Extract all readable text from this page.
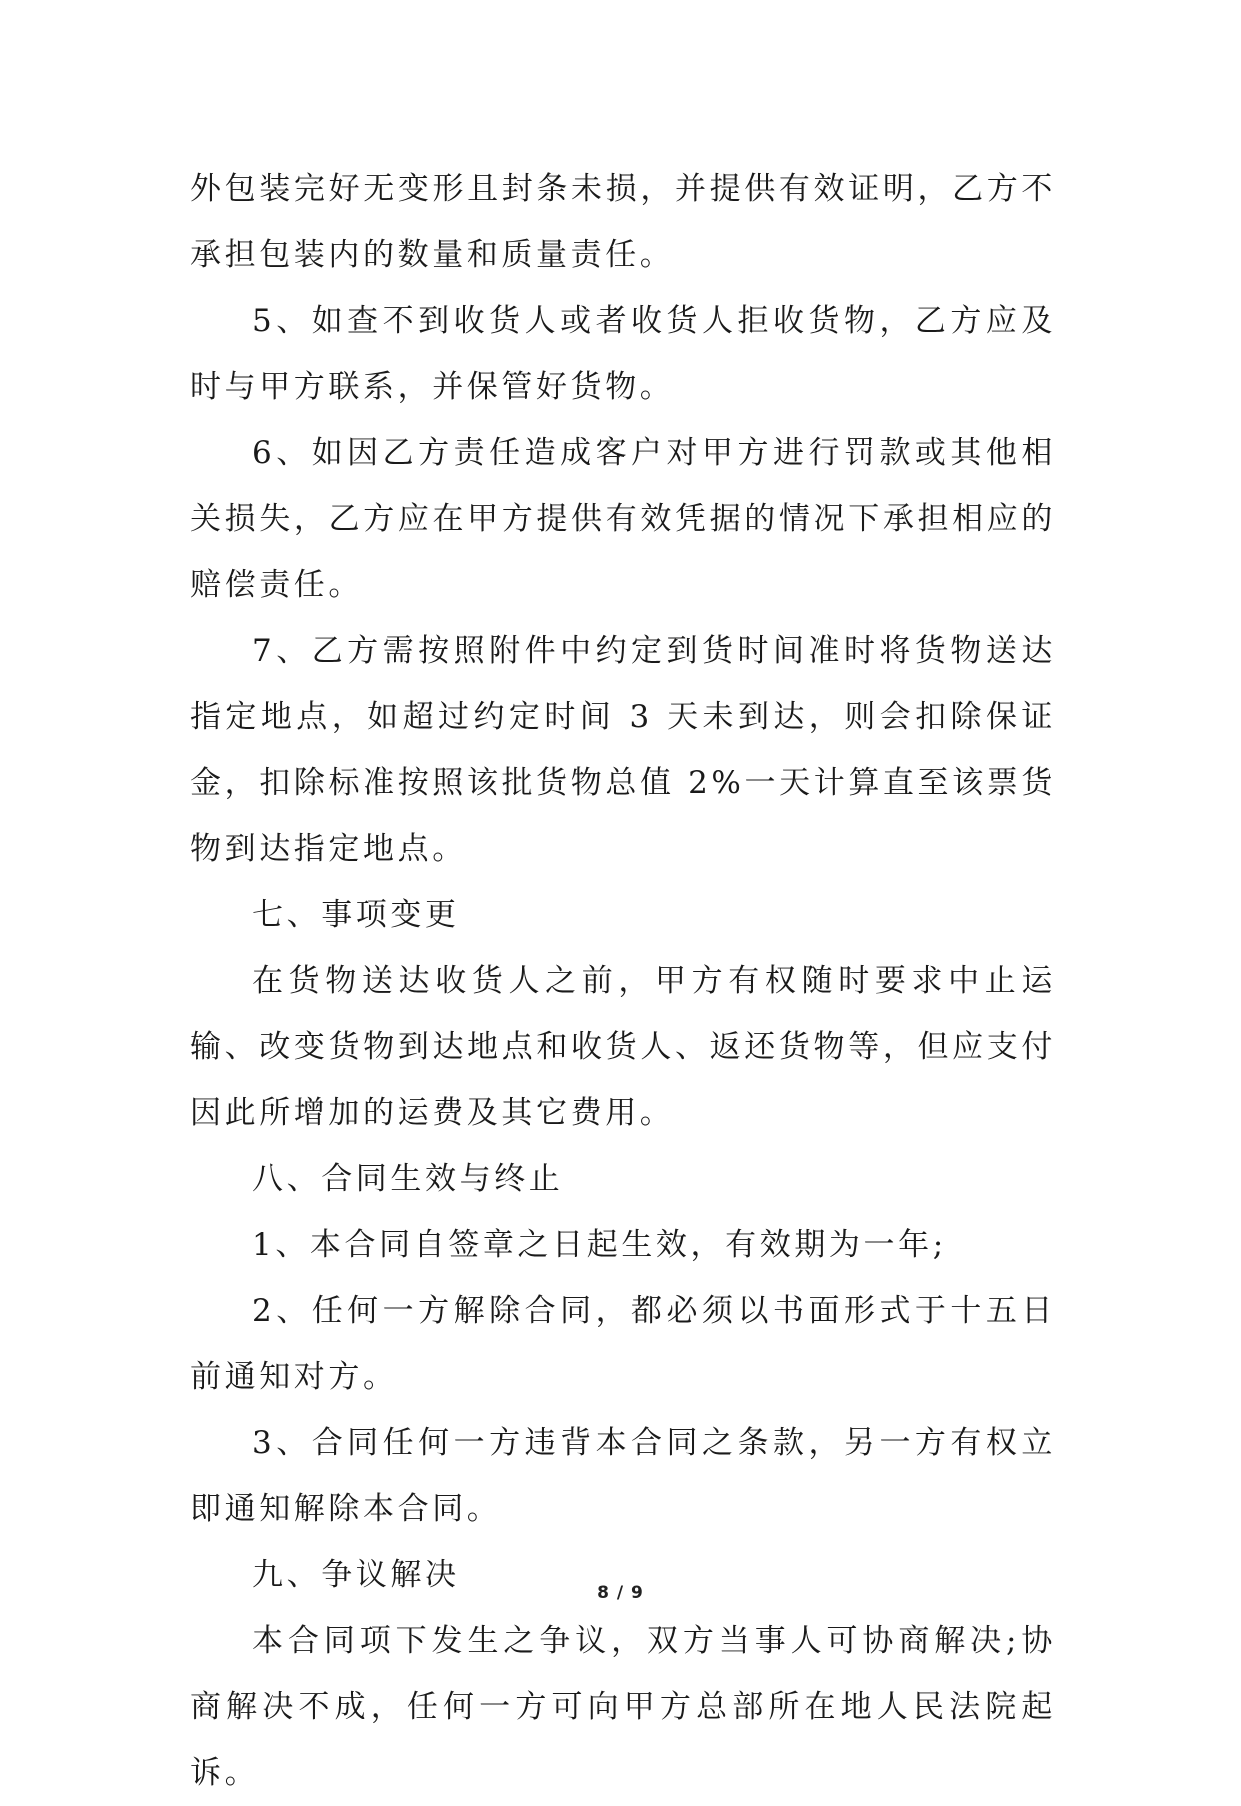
外包装完好无变形且封条未损，并提供有效证明，乙方不承担包装内的数量和质量责任。

5、如查不到收货人或者收货人拒收货物，乙方应及时与甲方联系，并保管好货物。

6、如因乙方责任造成客户对甲方进行罚款或其他相关损失，乙方应在甲方提供有效凭据的情况下承担相应的赔偿责任。

7、乙方需按照附件中约定到货时间准时将货物送达指定地点，如超过约定时间 3 天未到达，则会扣除保证金，扣除标准按照该批货物总值 2%一天计算直至该票货物到达指定地点。

七、事项变更

在货物送达收货人之前，甲方有权随时要求中止运输、改变货物到达地点和收货人、返还货物等，但应支付因此所增加的运费及其它费用。

八、合同生效与终止

1、本合同自签章之日起生效，有效期为一年;

2、任何一方解除合同，都必须以书面形式于十五日前通知对方。

3、合同任何一方违背本合同之条款，另一方有权立即通知解除本合同。

九、争议解决

本合同项下发生之争议，双方当事人可协商解决;协商解决不成，任何一方可向甲方总部所在地人民法院起诉。

8 / 9
